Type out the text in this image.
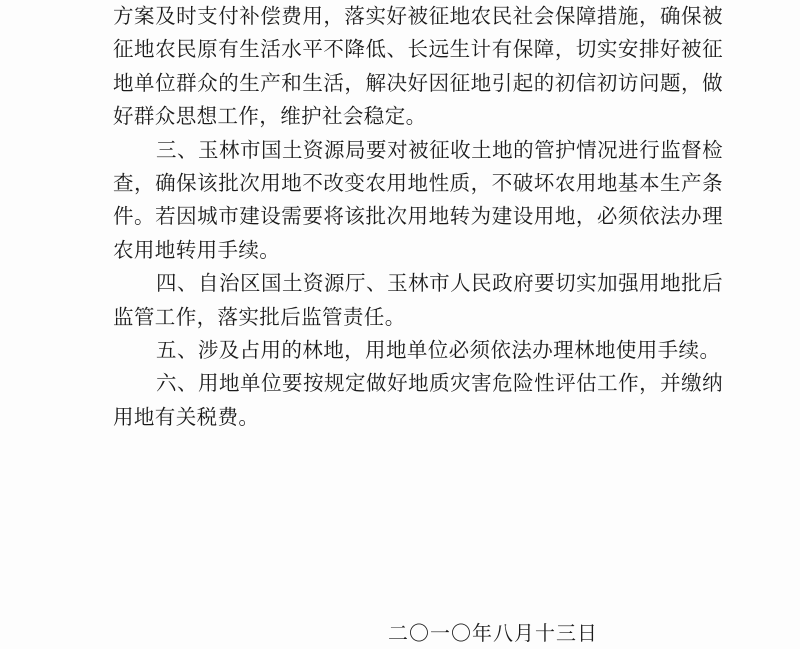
方案及时支付补偿费用，落实好被征地农民社会保障措施，确保被征地农民原有生活水平不降低、长远生计有保障，切实安排好被征地单位群众的生产和生活，解决好因征地引起的初信初访问题，做好群众思想工作，维护社会稳定。

三、玉林市国土资源局要对被征收土地的管护情况进行监督检查，确保该批次用地不改变农用地性质，不破坏农用地基本生产条件。若因城市建设需要将该批次用地转为建设用地，必须依法办理农用地转用手续。

四、自治区国土资源厅、玉林市人民政府要切实加强用地批后监管工作，落实批后监管责任。

五、涉及占用的林地，用地单位必须依法办理林地使用手续。

六、用地单位要按规定做好地质灾害危险性评估工作，并缴纳用地有关税费。

二〇一〇年八月十三日
